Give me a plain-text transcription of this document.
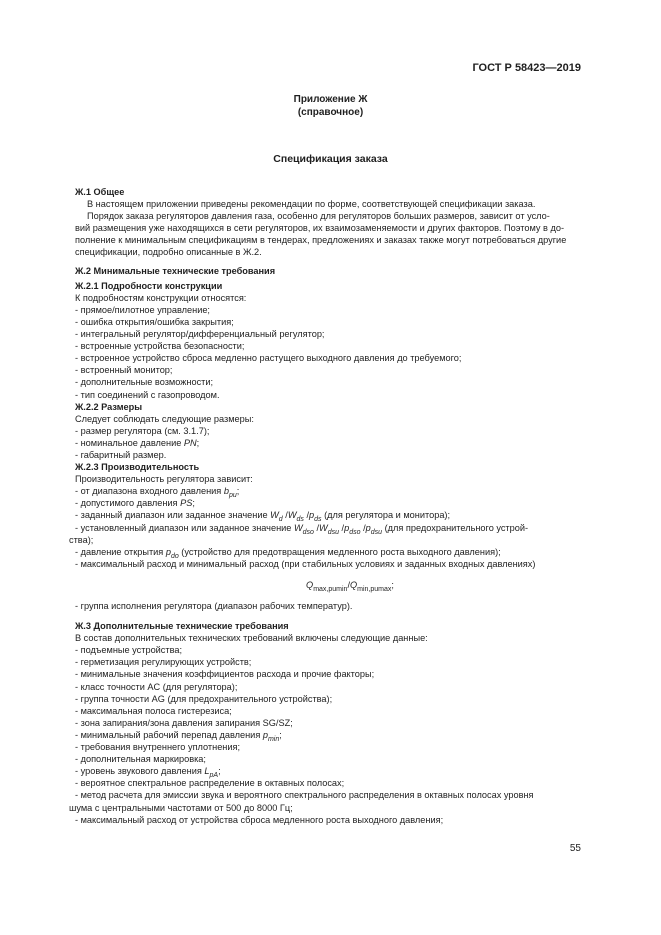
ГОСТ Р 58423—2019
Приложение Ж
(справочное)
Спецификация заказа
Ж.1 Общее
В настоящем приложении приведены рекомендации по форме, соответствующей спецификации заказа.
Порядок заказа регуляторов давления газа, особенно для регуляторов больших размеров, зависит от усло-
вий размещения уже находящихся в сети регуляторов, их взаимозаменяемости и других факторов. Поэтому в до-
полнение к минимальным спецификациям в тендерах, предложениях и заказах также могут потребоваться другие
спецификации, подробно описанные в Ж.2.
Ж.2 Минимальные технические требования
Ж.2.1 Подробности конструкции
К подробностям конструкции относятся:
- прямое/пилотное управление;
- ошибка открытия/ошибка закрытия;
- интегральный регулятор/дифференциальный регулятор;
- встроенные устройства безопасности;
- встроенное устройство сброса медленно растущего выходного давления до требуемого;
- встроенный монитор;
- дополнительные возможности;
- тип соединений с газопроводом.
Ж.2.2 Размеры
Следует соблюдать следующие размеры:
- размер регулятора (см. 3.1.7);
- номинальное давление PN;
- габаритный размер.
Ж.2.3 Производительность
Производительность регулятора зависит:
- от диапазона входного давления $b_{pu}$;
- допустимого давления PS;
- заданный диапазон или заданное значение $W_d$ $/W_{ds}$ $/p_{ds}$ (для регулятора и монитора);
- установленный диапазон или заданное значение $W_{dso}$ $/W_{dsu}$ $/p_{dso}$ $/p_{dsu}$ (для предохранительного устрой-
ства);
- давление открытия $p_{do}$ (устройство для предотвращения медленного роста выходного давления);
- максимальный расход и минимальный расход (при стабильных условиях и заданных входных давлениях)
$Q_{max,pumin}/Q_{min,pumax}$;
- группа исполнения регулятора (диапазон рабочих температур).
Ж.3 Дополнительные технические требования
В состав дополнительных технических требований включены следующие данные:
- подъемные устройства;
- герметизация регулирующих устройств;
- минимальные значения коэффициентов расхода и прочие факторы;
- класс точности AC (для регулятора);
- группа точности AG (для предохранительного устройства);
- максимальная полоса гистерезиса;
- зона запирания/зона давления запирания SG/SZ;
- минимальный рабочий перепад давления $p_{min}$;
- требования внутреннего уплотнения;
- дополнительная маркировка;
- уровень звукового давления $L_{pA}$;
- вероятное спектральное распределение в октавных полосах;
- метод расчета для эмиссии звука и вероятного спектрального распределения в октавных полосах уровня
шума с центральными частотами от 500 до 8000 Гц;
- максимальный расход от устройства сброса медленного роста выходного давления;
55
